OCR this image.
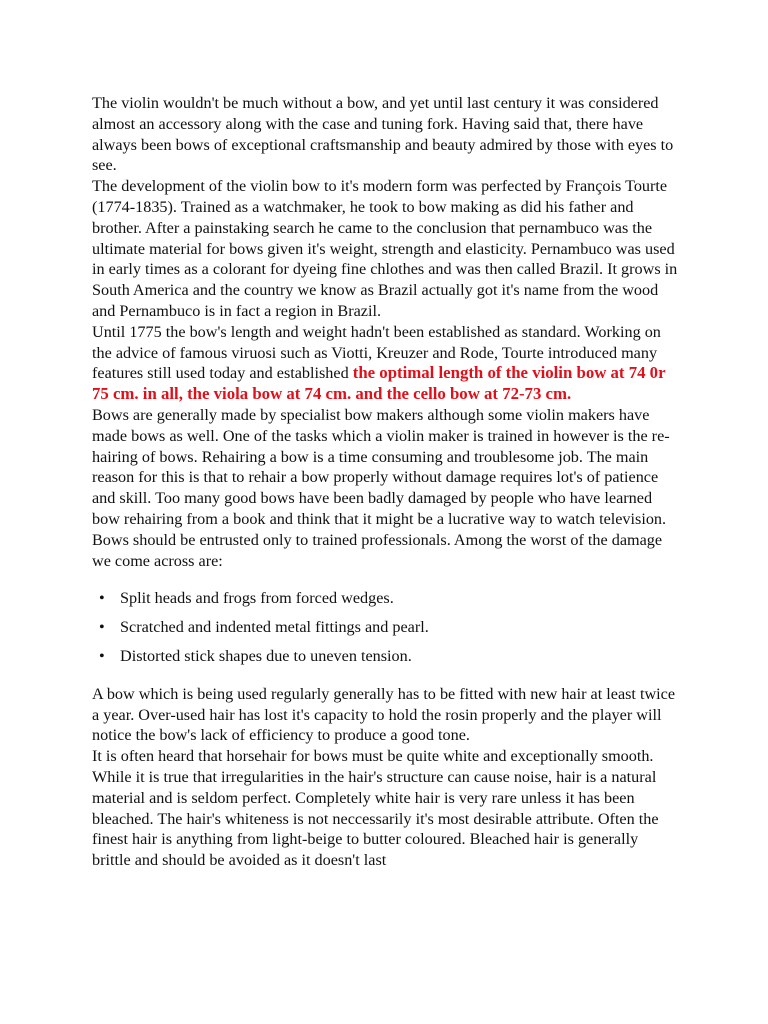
The violin wouldn't be much without a bow, and yet until last century it was considered almost an accessory along with the case and tuning fork. Having said that, there have always been bows of exceptional craftsmanship and beauty admired by those with eyes to see.

The development of the violin bow to it's modern form was perfected by François Tourte (1774-1835). Trained as a watchmaker, he took to bow making as did his father and brother. After a painstaking search he came to the conclusion that pernambuco was the ultimate material for bows given it's weight, strength and elasticity. Pernambuco was used in early times as a colorant for dyeing fine chlothes and was then called Brazil. It grows in South America and the country we know as Brazil actually got it's name from the wood and Pernambuco is in fact a region in Brazil.

Until 1775 the bow's length and weight hadn't been established as standard. Working on the advice of famous viruosi such as Viotti, Kreuzer and Rode, Tourte introduced many features still used today and established the optimal length of the violin bow at 74 0r 75 cm. in all, the viola bow at 74 cm. and the cello bow at 72-73 cm.

Bows are generally made by specialist bow makers although some violin makers have made bows as well. One of the tasks which a violin maker is trained in however is the re-hairing of bows. Rehairing a bow is a time consuming and troublesome job. The main reason for this is that to rehair a bow properly without damage requires lot's of patience and skill. Too many good bows have been badly damaged by people who have learned bow rehairing from a book and think that it might be a lucrative way to watch television. Bows should be entrusted only to trained professionals. Among the worst of the damage we come across are:

• Split heads and frogs from forced wedges.
• Scratched and indented metal fittings and pearl.
• Distorted stick shapes due to uneven tension.

A bow which is being used regularly generally has to be fitted with new hair at least twice a year. Over-used hair has lost it's capacity to hold the rosin properly and the player will notice the bow's lack of efficiency to produce a good tone.

It is often heard that horsehair for bows must be quite white and exceptionally smooth. While it is true that irregularities in the hair's structure can cause noise, hair is a natural material and is seldom perfect. Completely white hair is very rare unless it has been bleached. The hair's whiteness is not neccessarily it's most desirable attribute. Often the finest hair is anything from light-beige to butter coloured. Bleached hair is generally brittle and should be avoided as it doesn't last
